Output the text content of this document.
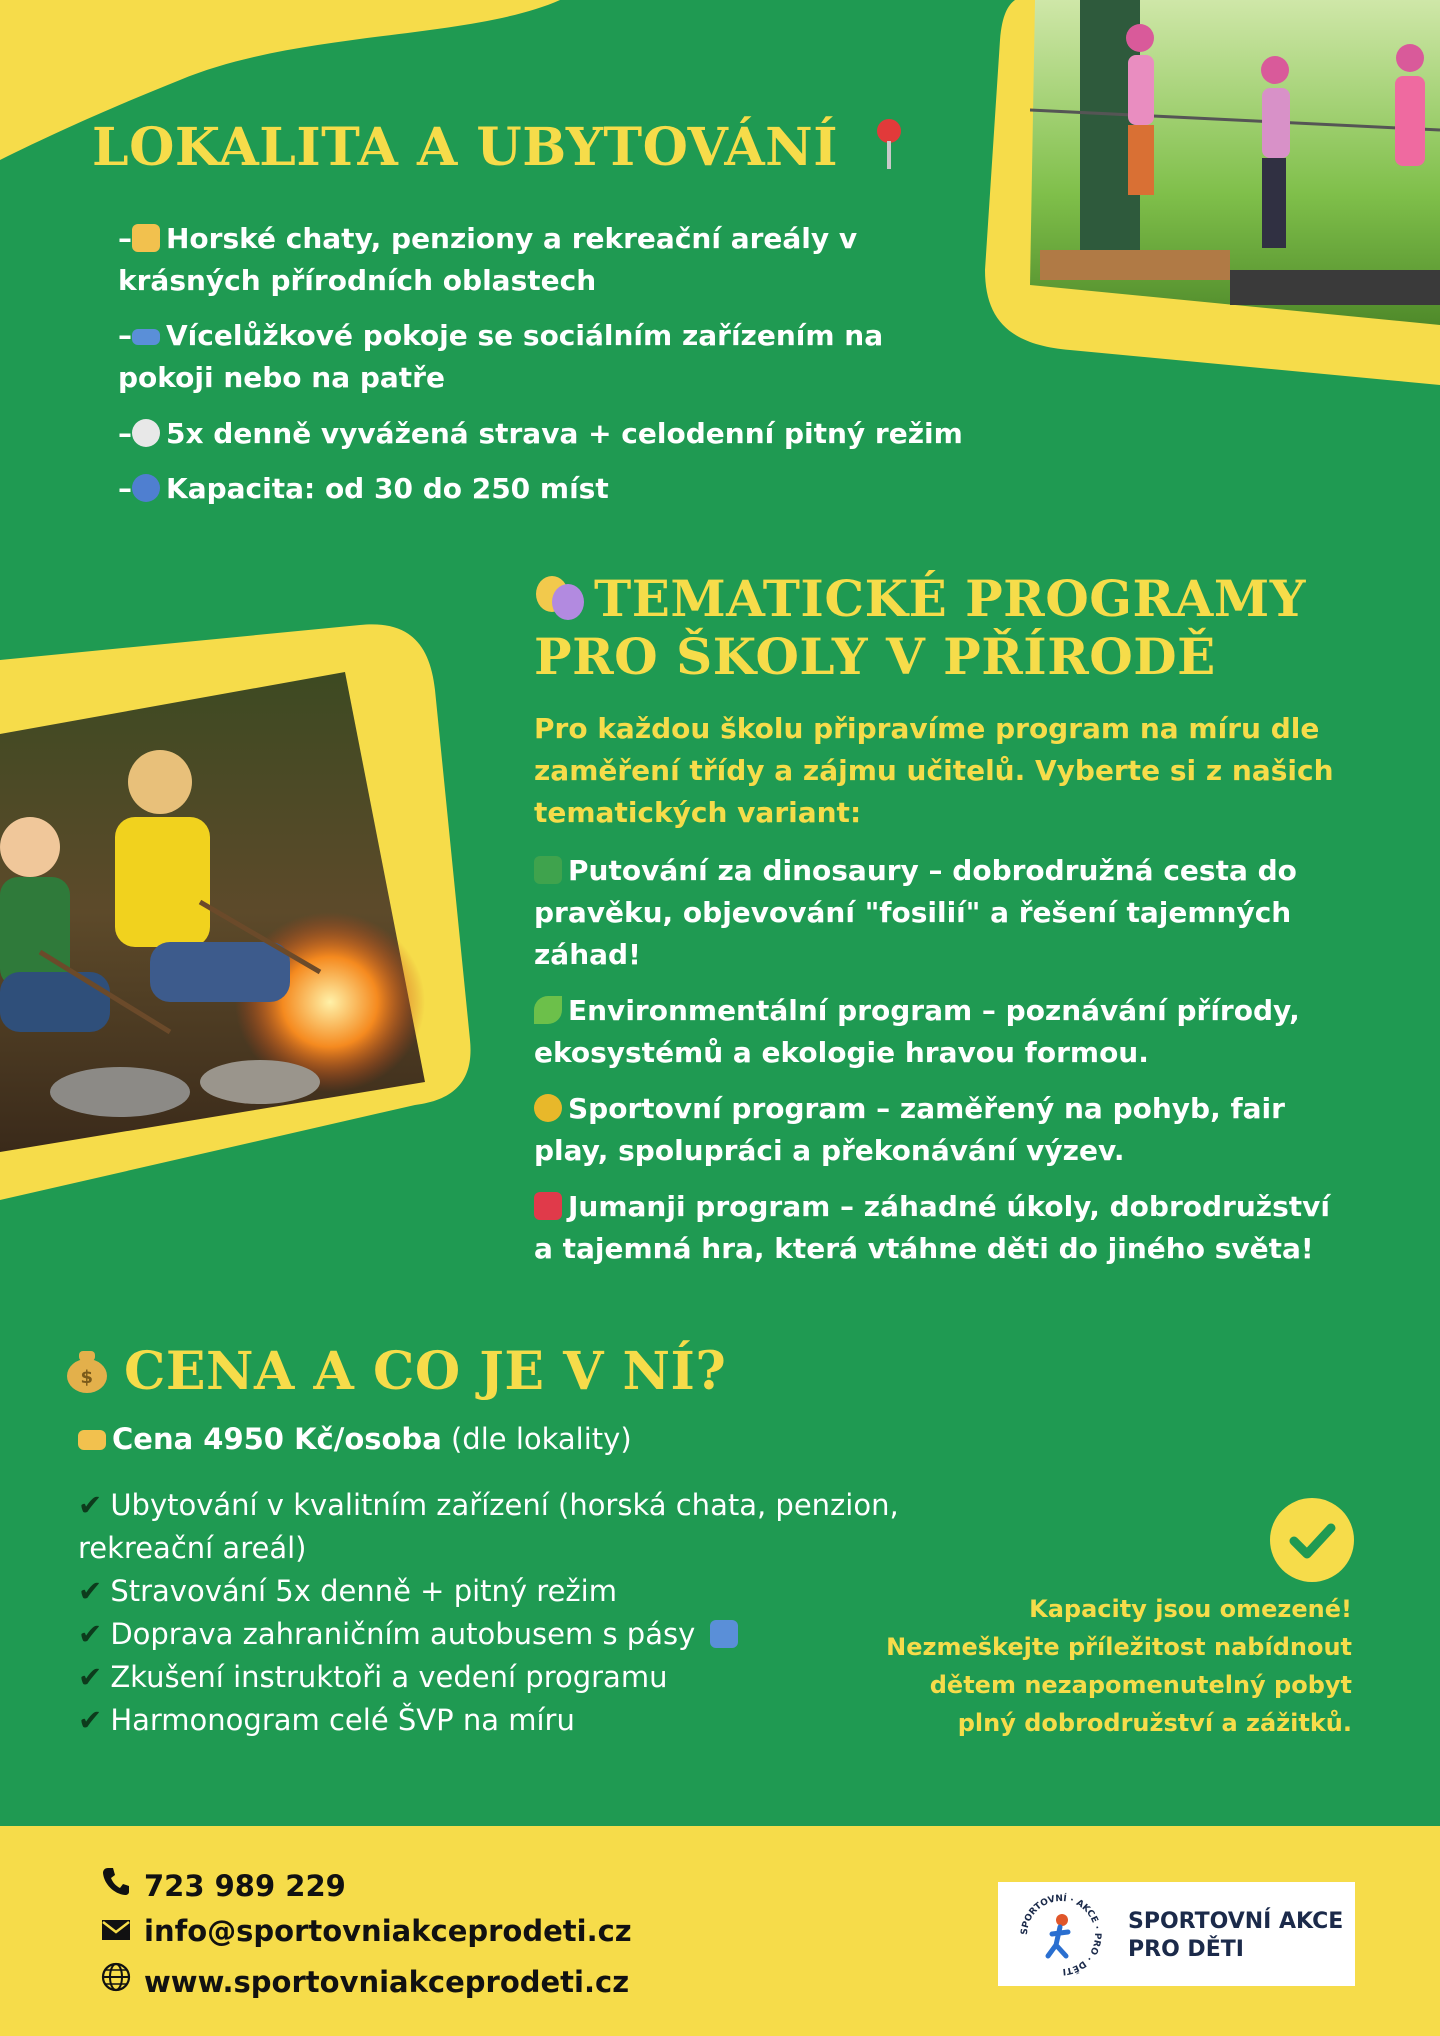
LOKALITA A UBYTOVÁNÍ
– Horské chaty, penziony a rekreační areály v
krásných přírodních oblastech
– Vícelůžkové pokoje se sociálním zařízením na
pokoji nebo na patře
– 5x denně vyvážená strava + celodenní pitný režim
– Kapacita: od 30 do 250 míst
TEMATICKÉ PROGRAMY
PRO ŠKOLY V PŘÍRODĚ
Pro každou školu připravíme program na míru dle
zaměření třídy a zájmu učitelů. Vyberte si z našich
tematických variant:
Putování za dinosaury – dobrodružná cesta do
pravěku, objevování "fosilií" a řešení tajemných
záhad!
Environmentální program – poznávání přírody,
ekosystémů a ekologie hravou formou.
Sportovní program – zaměřený na pohyb, fair
play, spolupráci a překonávání výzev.
Jumanji program – záhadné úkoly, dobrodružství
a tajemná hra, která vtáhne děti do jiného světa!
$ CENA A CO JE V NÍ?
Cena 4950 Kč/osoba (dle lokality)
✔ Ubytování v kvalitním zařízení (horská chata, penzion,
rekreační areál)
✔ Stravování 5x denně + pitný režim
✔ Doprava zahraničním autobusem s pásy
✔ Zkušení instruktoři a vedení programu
✔ Harmonogram celé ŠVP na míru
Kapacity jsou omezené!
Nezmeškejte příležitost nabídnout
dětem nezapomenutelný pobyt
plný dobrodružství a zážitků.
723 989 229
info@sportovniakceprodeti.cz
www.sportovniakceprodeti.cz
SPORTOVNÍ · AKCE · PRO · DĚTI
SPORTOVNÍ AKCE
PRO DĚTI
